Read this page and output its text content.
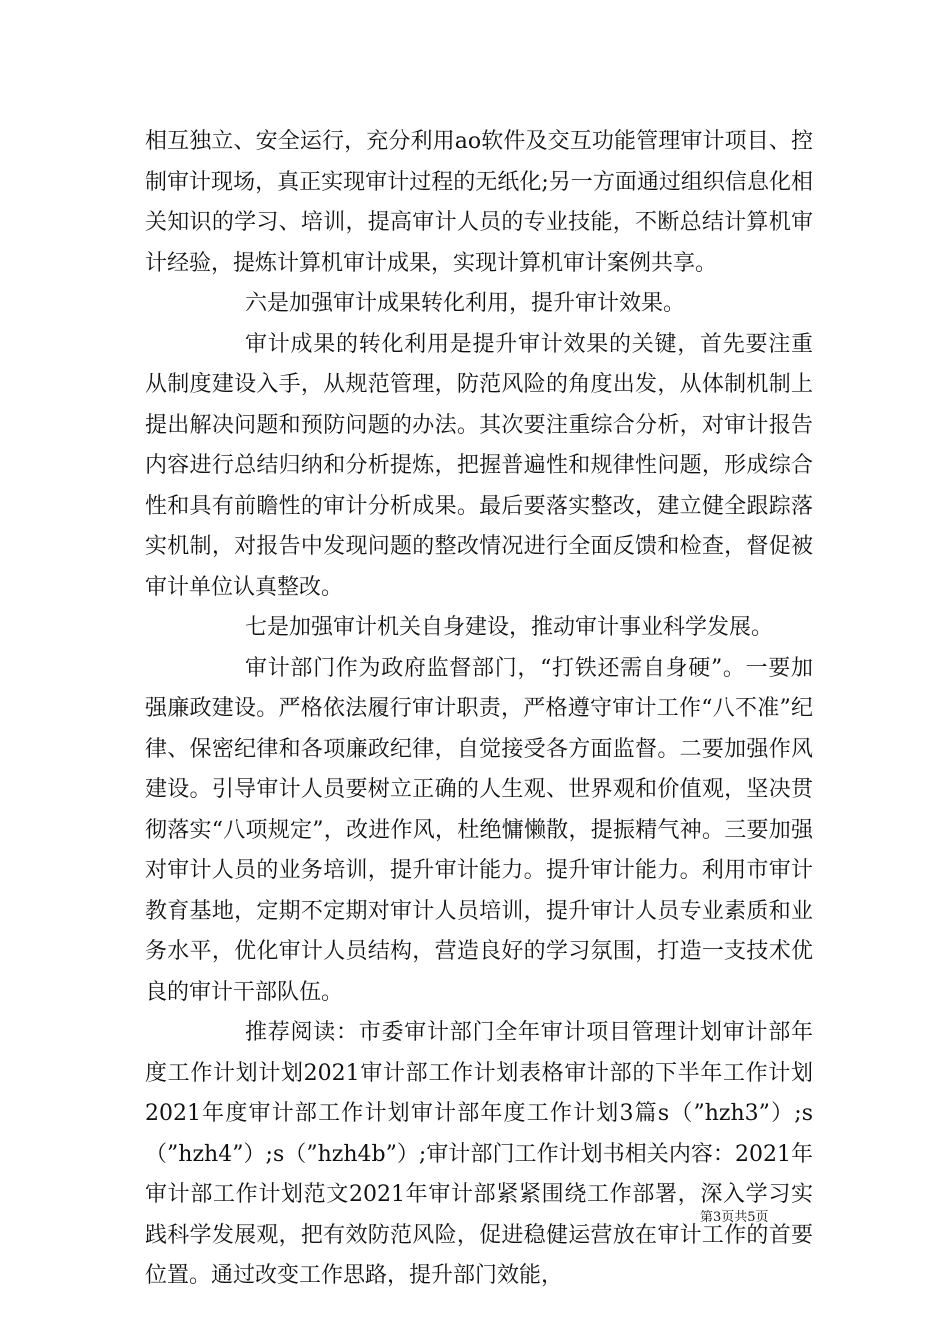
相互独立、安全运行，充分利用ao软件及交互功能管理审计项目、控制审计现场，真正实现审计过程的无纸化;另一方面通过组织信息化相关知识的学习、培训，提高审计人员的专业技能，不断总结计算机审计经验，提炼计算机审计成果，实现计算机审计案例共享。

六是加强审计成果转化利用，提升审计效果。

审计成果的转化利用是提升审计效果的关键，首先要注重从制度建设入手，从规范管理，防范风险的角度出发，从体制机制上提出解决问题和预防问题的办法。其次要注重综合分析，对审计报告内容进行总结归纳和分析提炼，把握普遍性和规律性问题，形成综合性和具有前瞻性的审计分析成果。最后要落实整改，建立健全跟踪落实机制，对报告中发现问题的整改情况进行全面反馈和检查，督促被审计单位认真整改。

七是加强审计机关自身建设，推动审计事业科学发展。

审计部门作为政府监督部门，“打铁还需自身硬”。一要加强廉政建设。严格依法履行审计职责，严格遵守审计工作“八不准”纪律、保密纪律和各项廉政纪律，自觉接受各方面监督。二要加强作风建设。引导审计人员要树立正确的人生观、世界观和价值观，坚决贯彻落实“八项规定”，改进作风，杜绝慵懒散，提振精气神。三要加强对审计人员的业务培训，提升审计能力。提升审计能力。利用市审计教育基地，定期不定期对审计人员培训，提升审计人员专业素质和业务水平，优化审计人员结构，营造良好的学习氛围，打造一支技术优良的审计干部队伍。

推荐阅读：市委审计部门全年审计项目管理计划审计部年度工作计划计划2021审计部工作计划表格审计部的下半年工作计划2021年度审计部工作计划审计部年度工作计划3篇s（”hzh3”）;s（”hzh4”）;s（”hzh4b”）;审计部门工作计划书相关内容：2021年审计部工作计划范文2021年审计部紧紧围绕工作部署，深入学习实践科学发展观，把有效防范风险，促进稳健运营放在审计工作的首要位置。通过改变工作思路，提升部门效能，

第3页共5页
